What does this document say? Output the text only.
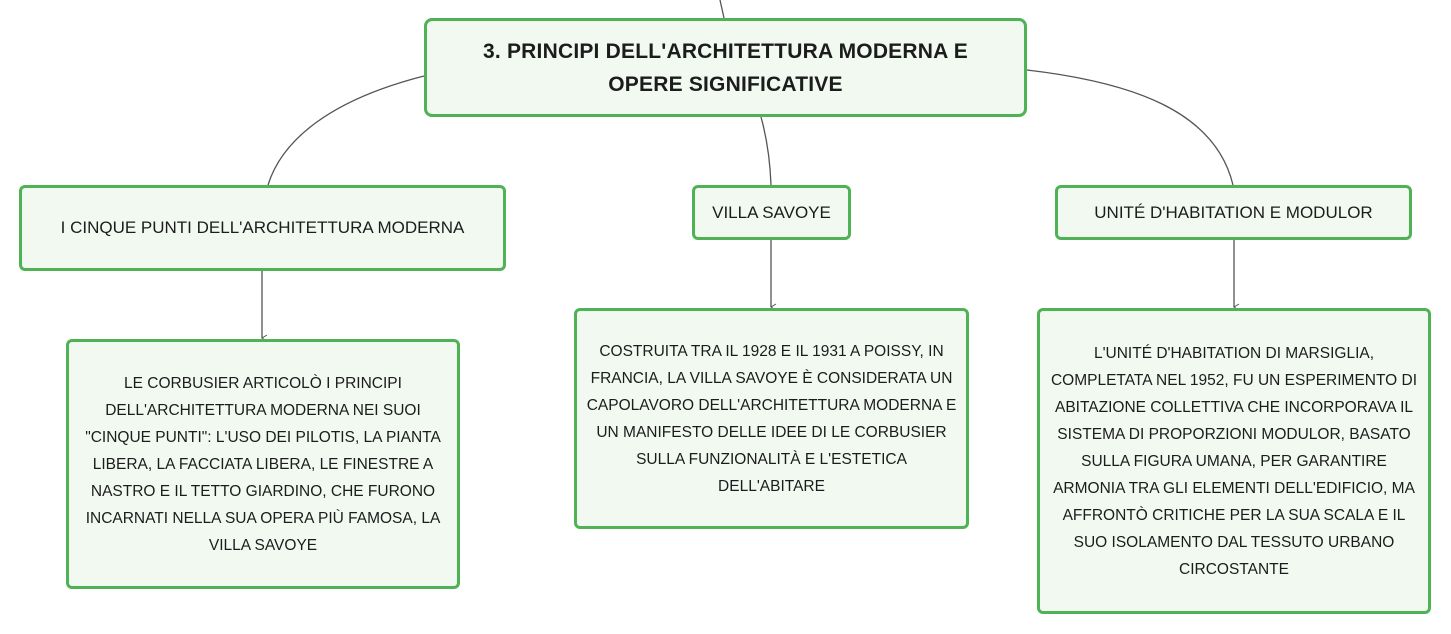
3. PRINCIPI DELL'ARCHITETTURA MODERNA E OPERE SIGNIFICATIVE
I CINQUE PUNTI DELL'ARCHITETTURA MODERNA
VILLA SAVOYE	UNITÉ D'HABITATION E MODULOR
LE CORBUSIER ARTICOLÒ I PRINCIPI DELL'ARCHITETTURA MODERNA NEI SUOI "CINQUE PUNTI": L'USO DEI PILOTIS, LA PIANTA LIBERA, LA FACCIATA LIBERA, LE FINESTRE A NASTRO E IL TETTO GIARDINO, CHE FURONO INCARNATI NELLA SUA OPERA PIÙ FAMOSA, LA VILLA SAVOYE
COSTRUITA TRA IL 1928 E IL 1931 A POISSY, IN FRANCIA, LA VILLA SAVOYE È CONSIDERATA UN CAPOLAVORO DELL'ARCHITETTURA MODERNA E UN MANIFESTO DELLE IDEE DI LE CORBUSIER SULLA FUNZIONALITÀ E L'ESTETICA DELL'ABITARE
L'UNITÉ D'HABITATION DI MARSIGLIA, COMPLETATA NEL 1952, FU UN ESPERIMENTO DI ABITAZIONE COLLETTIVA CHE INCORPORAVA IL SISTEMA DI PROPORZIONI MODULOR, BASATO SULLA FIGURA UMANA, PER GARANTIRE ARMONIA TRA GLI ELEMENTI DELL'EDIFICIO, MA AFFRONTÒ CRITICHE PER LA SUA SCALA E IL SUO ISOLAMENTO DAL TESSUTO URBANO CIRCOSTANTE
